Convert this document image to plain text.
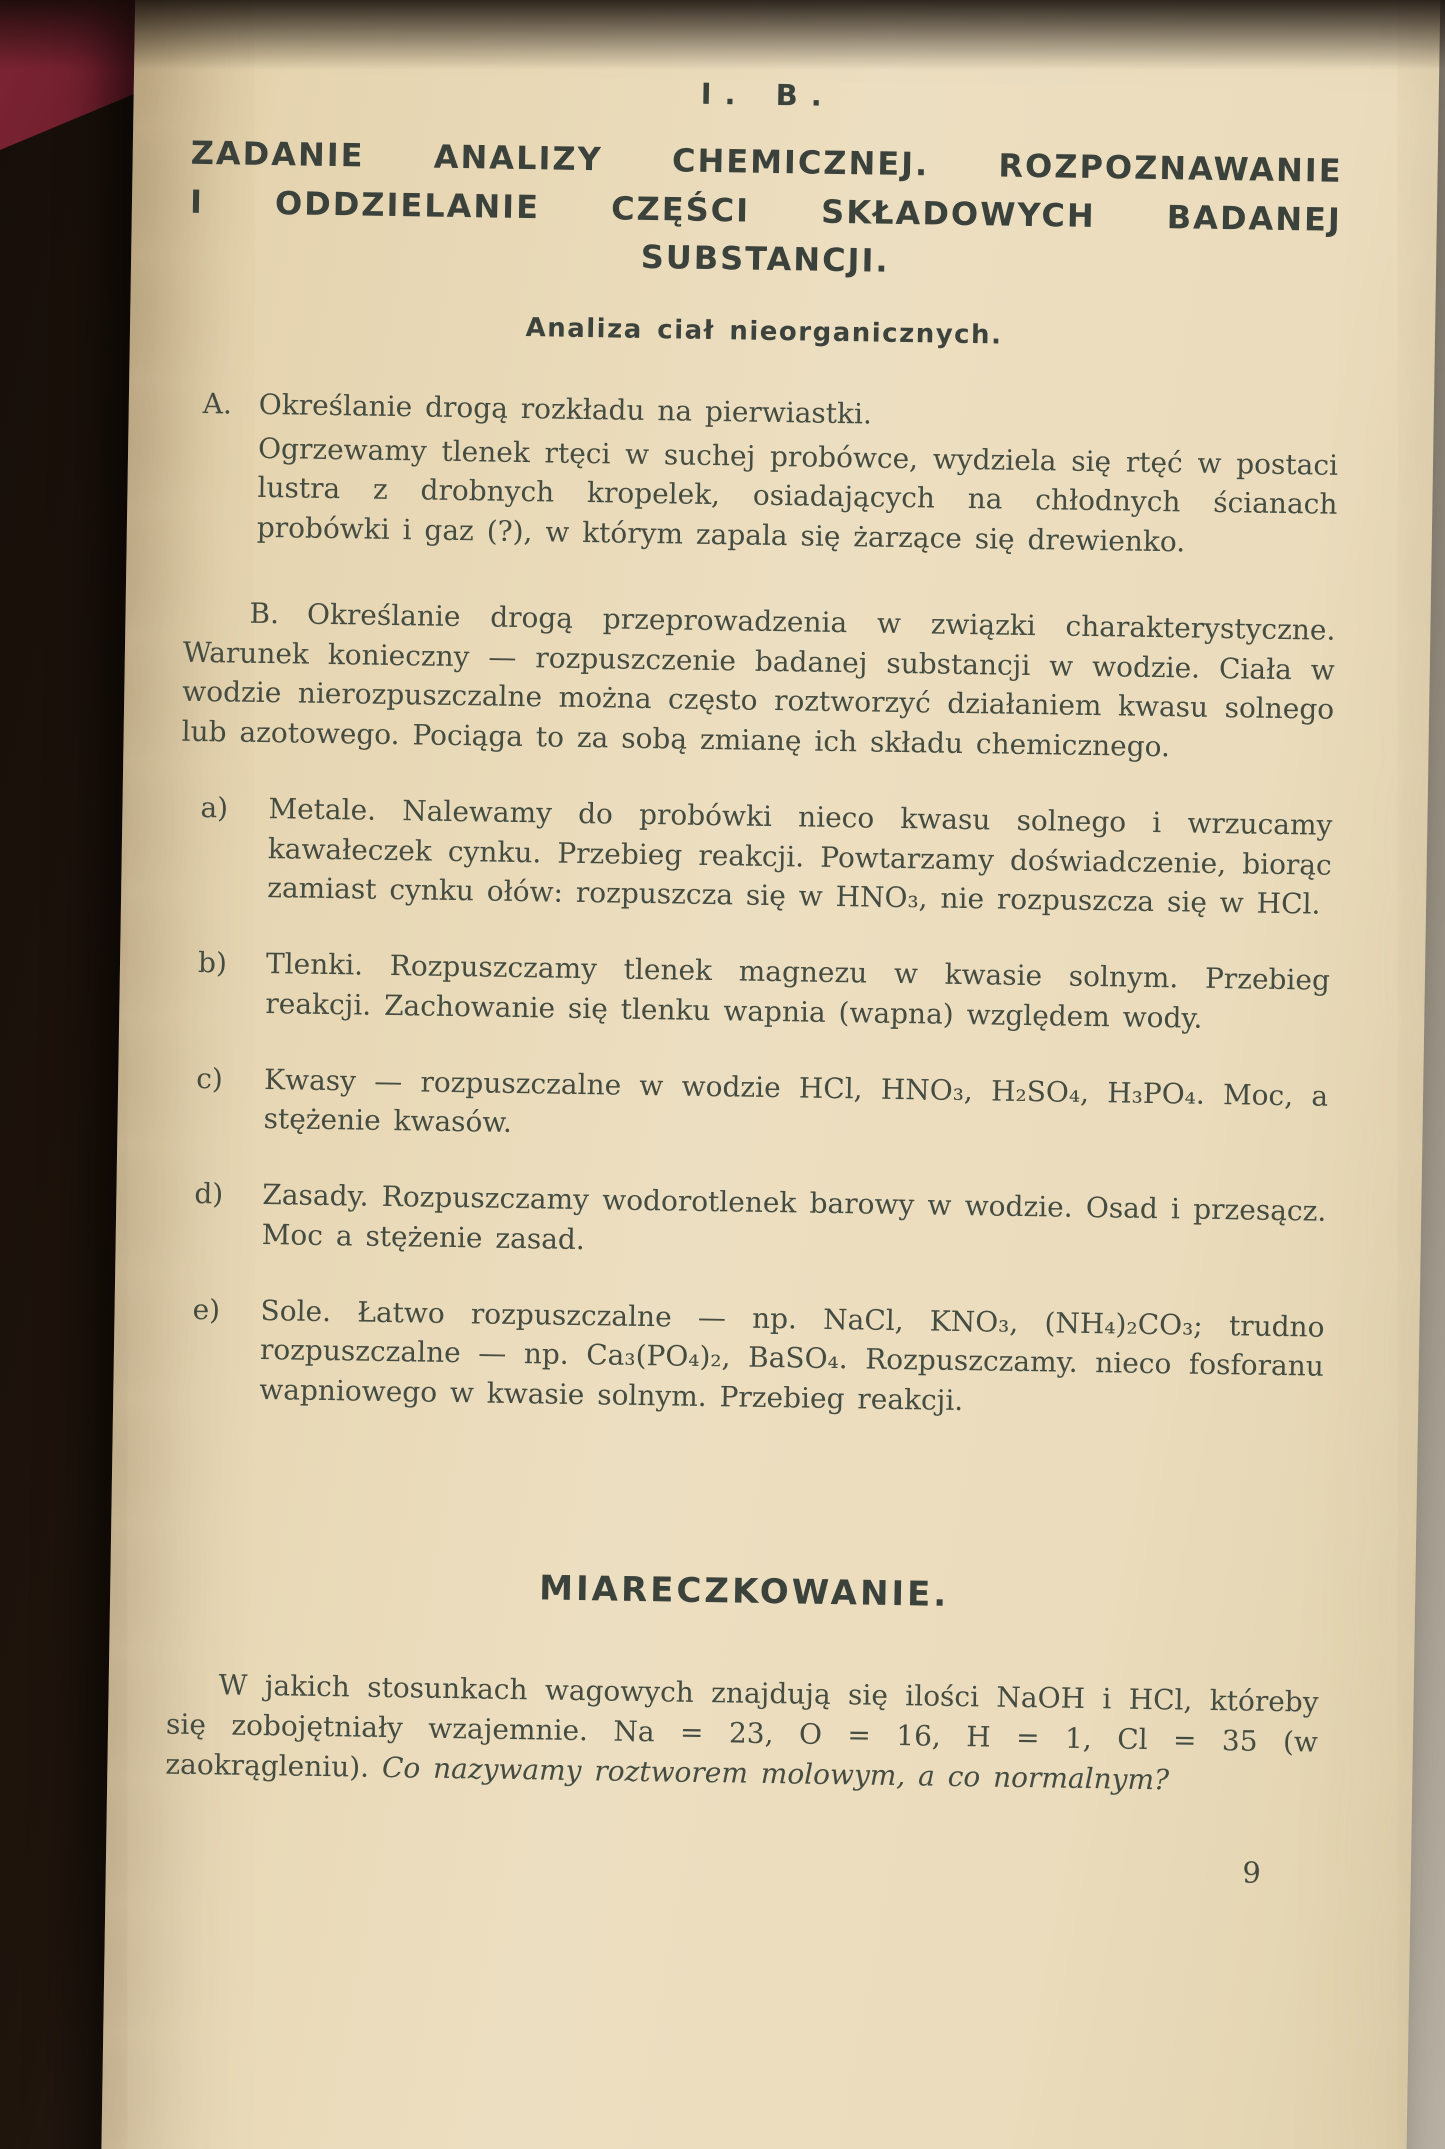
I. B.
ZADANIE ANALIZY CHEMICZNEJ. ROZPOZNAWANIE
I ODDZIELANIE CZĘŚCI SKŁADOWYCH BADANEJ
SUBSTANCJI.
Analiza ciał nieorganicznych.
A. Określanie drogą rozkładu na pierwiastki.
Ogrzewamy tlenek rtęci w suchej probówce, wydziela się rtęć w postaci lustra z drobnych kropelek, osiadających na chłodnych ścianach probówki i gaz (?), w którym zapala się żarzące się drewienko.
B. Określanie drogą przeprowadzenia w związki charakterystyczne. Warunek konieczny — rozpuszczenie badanej substancji w wodzie. Ciała w wodzie nierozpuszczalne można często roztworzyć działaniem kwasu solnego lub azotowego. Pociąga to za sobą zmianę ich składu chemicznego.
a)	Metale. Nalewamy do probówki nieco kwasu solnego i wrzucamy kawałeczek cynku. Przebieg reakcji. Powtarzamy doświadczenie, biorąc zamiast cynku ołów: rozpuszcza się w HNO₃, nie rozpuszcza się w HCl.
b)	Tlenki. Rozpuszczamy tlenek magnezu w kwasie solnym. Przebieg reakcji. Zachowanie się tlenku wapnia (wapna) względem wody.
c)	Kwasy — rozpuszczalne w wodzie HCl, HNO₃, H₂SO₄, H₃PO₄. Moc, a stężenie kwasów.
d)	Zasady. Rozpuszczamy wodorotlenek barowy w wodzie. Osad i przesącz. Moc a stężenie zasad.
e)	Sole. Łatwo rozpuszczalne — np. NaCl, KNO₃, (NH₄)₂CO₃; trudno rozpuszczalne — np. Ca₃(PO₄)₂, BaSO₄. Rozpuszczamy. nieco fosforanu wapniowego w kwasie solnym. Przebieg reakcji.
MIARECZKOWANIE.
W jakich stosunkach wagowych znajdują się ilości NaOH i HCl, któreby się zobojętniały wzajemnie. Na = 23, O = 16, H = 1, Cl = 35 (w zaokrągleniu). Co nazywamy roztworem molowym, a co normalnym?
9
